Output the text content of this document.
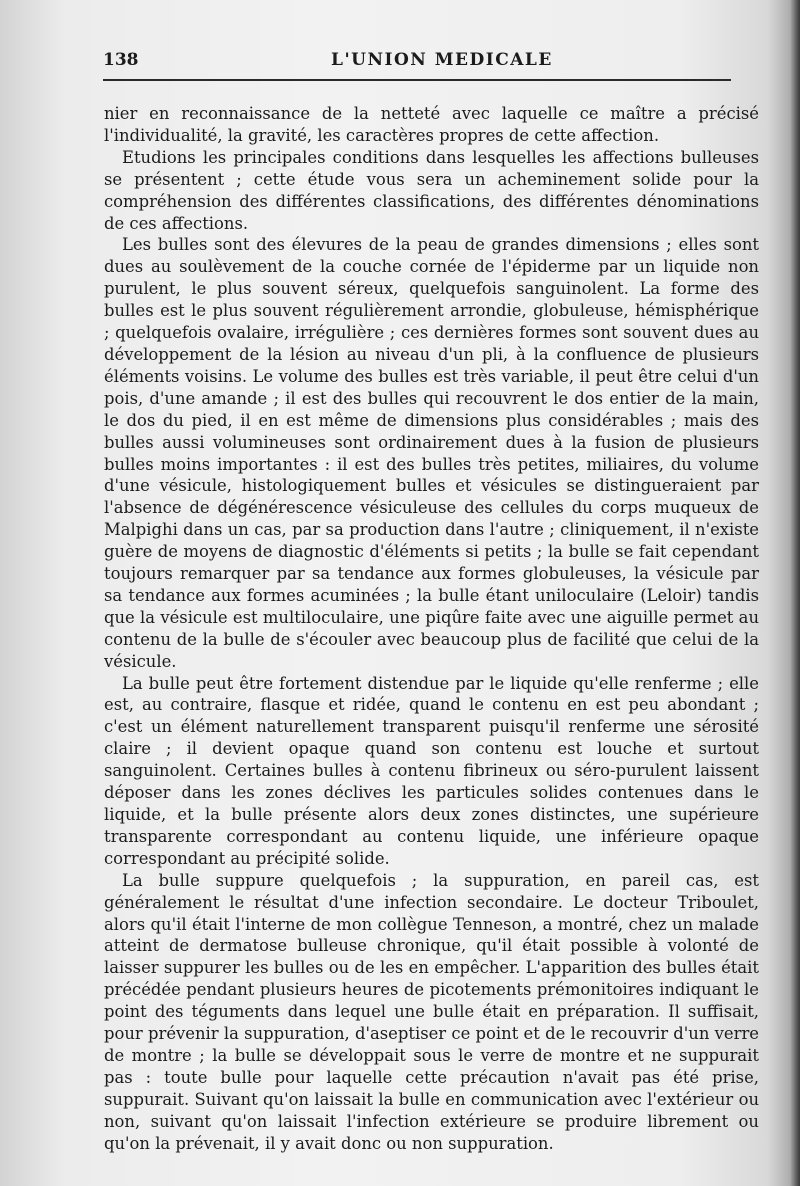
138	L'UNION MEDICALE

nier en reconnaissance de la netteté avec laquelle ce maître a précisé l'individualité, la gravité, les caractères propres de cette affection.

Etudions les principales conditions dans lesquelles les affections bulleuses se présentent ; cette étude vous sera un acheminement solide pour la compréhension des différentes classifications, des différentes dénominations de ces affections.

Les bulles sont des élevures de la peau de grandes dimensions ; elles sont dues au soulèvement de la couche cornée de l'épiderme par un liquide non purulent, le plus souvent séreux, quelquefois sanguinolent. La forme des bulles est le plus souvent régulièrement arrondie, globuleuse, hémisphérique ; quelquefois ovalaire, irrégulière ; ces dernières formes sont souvent dues au développement de la lésion au niveau d'un pli, à la confluence de plusieurs éléments voisins. Le volume des bulles est très variable, il peut être celui d'un pois, d'une amande ; il est des bulles qui recouvrent le dos entier de la main, le dos du pied, il en est même de dimensions plus considérables ; mais des bulles aussi volumineuses sont ordinairement dues à la fusion de plusieurs bulles moins importantes : il est des bulles très petites, miliaires, du volume d'une vésicule, histologiquement bulles et vésicules se distingueraient par l'absence de dégénérescence vésiculeuse des cellules du corps muqueux de Malpighi dans un cas, par sa production dans l'autre ; cliniquement, il n'existe guère de moyens de diagnostic d'éléments si petits ; la bulle se fait cependant toujours remarquer par sa tendance aux formes globuleuses, la vésicule par sa tendance aux formes acuminées ; la bulle étant uniloculaire (Leloir) tandis que la vésicule est multiloculaire, une piqûre faite avec une aiguille permet au contenu de la bulle de s'écouler avec beaucoup plus de facilité que celui de la vésicule.

La bulle peut être fortement distendue par le liquide qu'elle renferme ; elle est, au contraire, flasque et ridée, quand le contenu en est peu abondant ; c'est un élément naturellement transparent puisqu'il renferme une sérosité claire ; il devient opaque quand son contenu est louche et surtout sanguinolent. Certaines bulles à contenu fibrineux ou séro-purulent laissent déposer dans les zones déclives les particules solides contenues dans le liquide, et la bulle présente alors deux zones distinctes, une supérieure transparente correspondant au contenu liquide, une inférieure opaque correspondant au précipité solide.

La bulle suppure quelquefois ; la suppuration, en pareil cas, est généralement le résultat d'une infection secondaire. Le docteur Triboulet, alors qu'il était l'interne de mon collègue Tenneson, a montré, chez un malade atteint de dermatose bulleuse chronique, qu'il était possible à volonté de laisser suppurer les bulles ou de les en empêcher. L'apparition des bulles était précédée pendant plusieurs heures de picotements prémonitoires indiquant le point des téguments dans lequel une bulle était en préparation. Il suffisait, pour prévenir la suppuration, d'aseptiser ce point et de le recouvrir d'un verre de montre ; la bulle se développait sous le verre de montre et ne suppurait pas : toute bulle pour laquelle cette précaution n'avait pas été prise, suppurait. Suivant qu'on laissait la bulle en communication avec l'extérieur ou non, suivant qu'on laissait l'infection extérieure se produire librement ou qu'on la prévenait, il y avait donc ou non suppuration.
